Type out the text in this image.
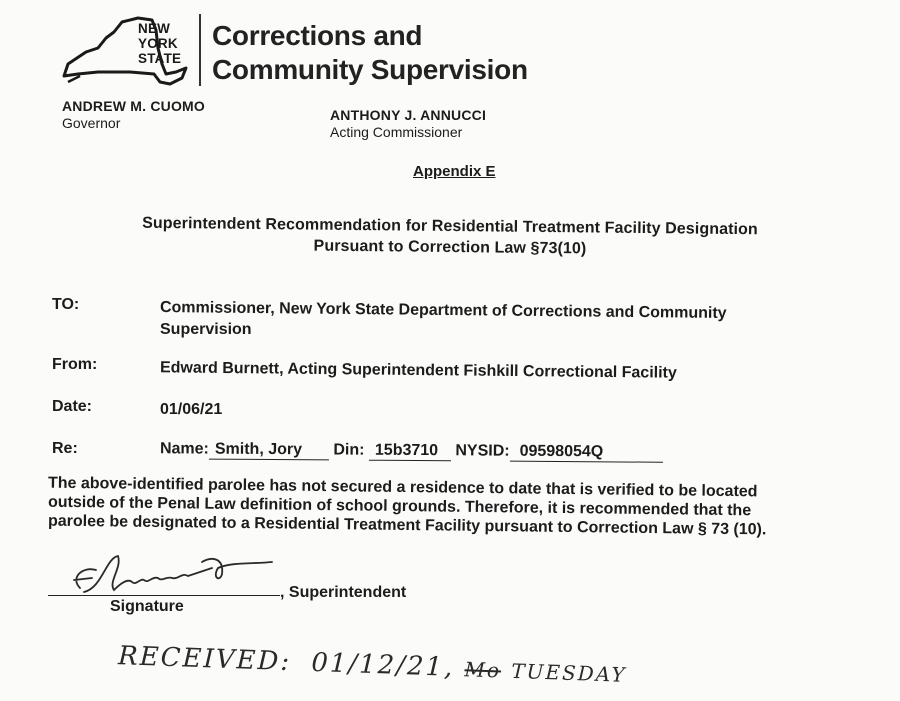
NEW
YORK
STATE
Corrections and
Community Supervision
ANDREW M. CUOMO
Governor	ANTHONY J. ANNUCCI
Acting Commissioner
Appendix E
Superintendent Recommendation for Residential Treatment Facility Designation
Pursuant to Correction Law §73(10)
TO:	Commissioner, New York State Department of Corrections and Community
Supervision
From:	Edward Burnett, Acting Superintendent Fishkill Correctional Facility
Date:	01/06/21
Re:	Name: Smith, Jory Din: 15b3710 NYSID: 09598054Q
The above-identified parolee has not secured a residence to date that is verified to be located
outside of the Penal Law definition of school grounds. Therefore, it is recommended that the
parolee be designated to a Residential Treatment Facility pursuant to Correction Law § 73 (10).
, Superintendent
Signature
RECEIVED: 01/12/21, Mo TUESDAY
